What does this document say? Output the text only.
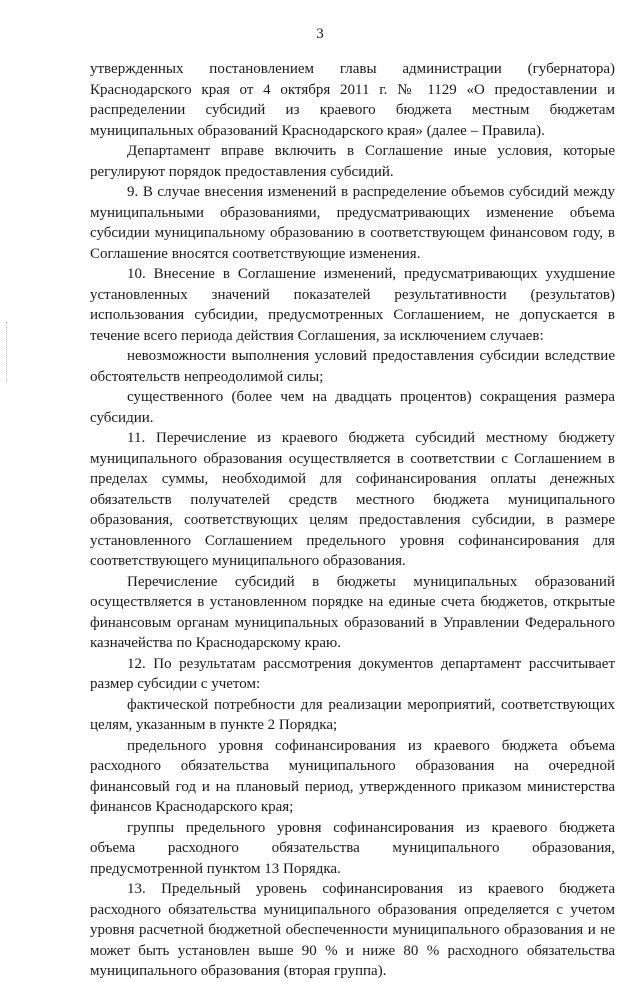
3

утвержденных постановлением главы администрации (губернатора) Краснодарского края от 4 октября 2011 г. № 1129 «О предоставлении и распределении субсидий из краевого бюджета местным бюджетам муниципальных образований Краснодарского края» (далее – Правила).

Департамент вправе включить в Соглашение иные условия, которые регулируют порядок предоставления субсидий.

9. В случае внесения изменений в распределение объемов субсидий между муниципальными образованиями, предусматривающих изменение объема субсидии муниципальному образованию в соответствующем финансовом году, в Соглашение вносятся соответствующие изменения.

10. Внесение в Соглашение изменений, предусматривающих ухудшение установленных значений показателей результативности (результатов) использования субсидии, предусмотренных Соглашением, не допускается в течение всего периода действия Соглашения, за исключением случаев:

невозможности выполнения условий предоставления субсидии вследствие обстоятельств непреодолимой силы;

существенного (более чем на двадцать процентов) сокращения размера субсидии.

11. Перечисление из краевого бюджета субсидий местному бюджету муниципального образования осуществляется в соответствии с Соглашением в пределах суммы, необходимой для софинансирования оплаты денежных обязательств получателей средств местного бюджета муниципального образования, соответствующих целям предоставления субсидии, в размере установленного Соглашением предельного уровня софинансирования для соответствующего муниципального образования.

Перечисление субсидий в бюджеты муниципальных образований осуществляется в установленном порядке на единые счета бюджетов, открытые финансовым органам муниципальных образований в Управлении Федерального казначейства по Краснодарскому краю.

12. По результатам рассмотрения документов департамент рассчитывает размер субсидии с учетом:

фактической потребности для реализации мероприятий, соответствующих целям, указанным в пункте 2 Порядка;

предельного уровня софинансирования из краевого бюджета объема расходного обязательства муниципального образования на очередной финансовый год и на плановый период, утвержденного приказом министерства финансов Краснодарского края;

группы предельного уровня софинансирования из краевого бюджета объема расходного обязательства муниципального образования, предусмотренной пунктом 13 Порядка.

13. Предельный уровень софинансирования из краевого бюджета расходного обязательства муниципального образования определяется с учетом уровня расчетной бюджетной обеспеченности муниципального образования и не может быть установлен выше 90 % и ниже 80 % расходного обязательства муниципального образования (вторая группа).
